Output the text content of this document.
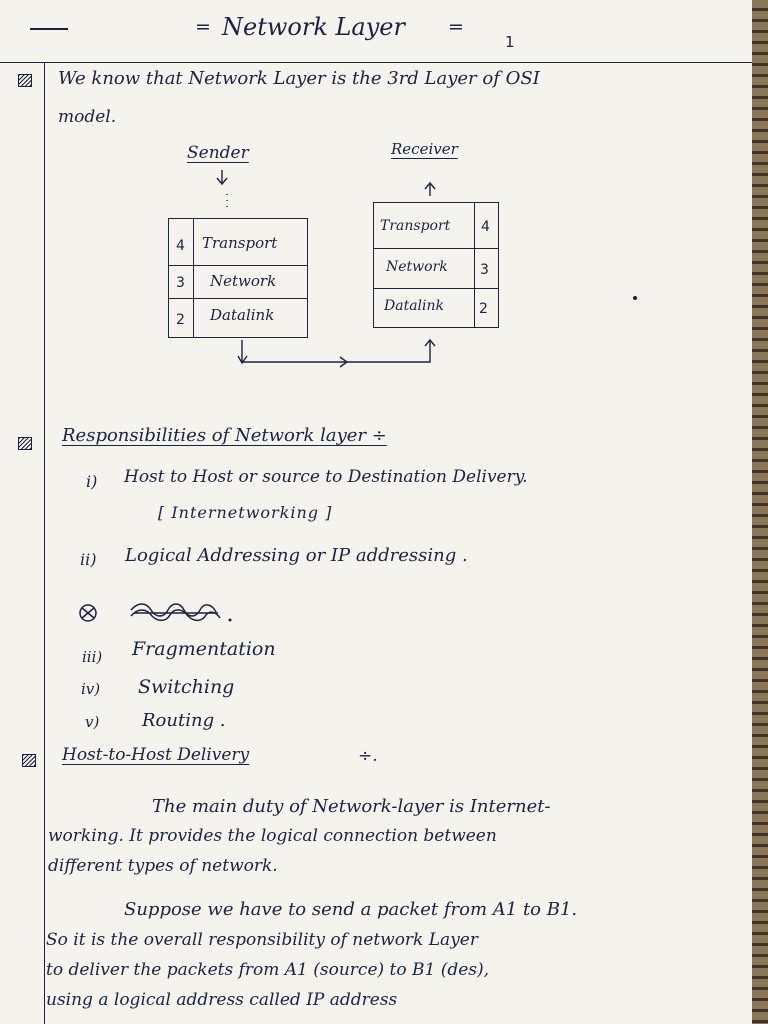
= Network Layer =
1
We know that Network Layer is the 3rd Layer of OSI
model.
Sender	Receiver
4 Transport
3 Network
2 Datalink
Transport 4
Network 3
Datalink	2
Responsibilities of Network layer ÷
i) Host to Host or source to Destination Delivery.
[ Internetworking ]
ii) Logical Addressing or IP addressing .
iii) Fragmentation
iv) Switching
v) Routing .
Host-to-Host Delivery	÷.
The main duty of Network-layer is Internet-
working. It provides the logical connection between
different types of network.
Suppose we have to send a packet from A1 to B1.
So it is the overall responsibility of network Layer
to deliver the packets from A1 (source) to B1 (des),
using a logical address called IP address
